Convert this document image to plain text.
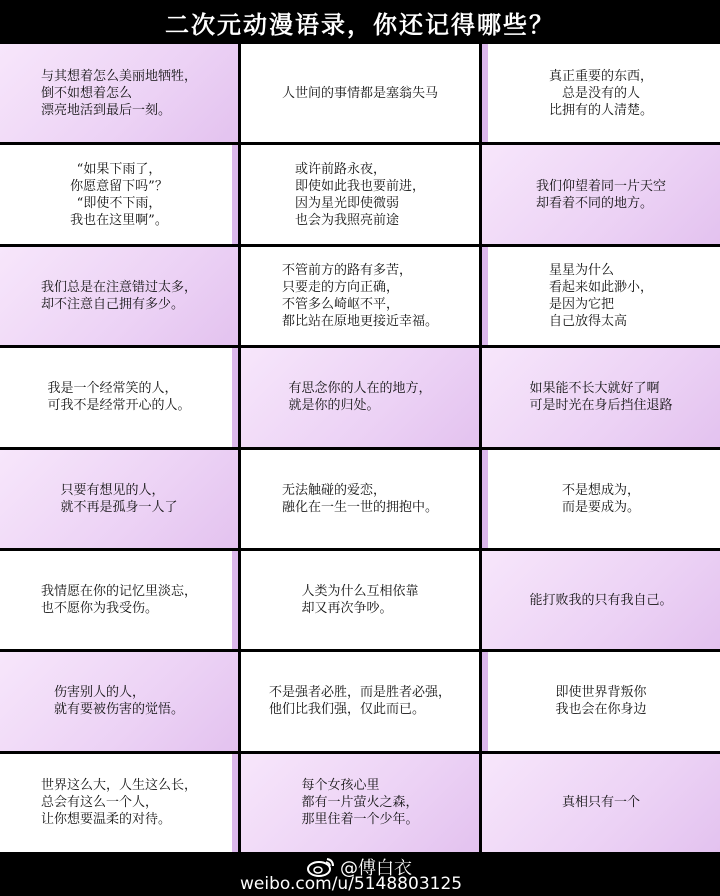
二次元动漫语录，你还记得哪些？
与其想着怎么美丽地牺牲，
倒不如想着怎么
漂亮地活到最后一刻。
人世间的事情都是塞翁失马
真正重要的东西，
总是没有的人
比拥有的人清楚。
“如果下雨了，
你愿意留下吗”？
“即使不下雨，
我也在这里啊”。
或许前路永夜，
即使如此我也要前进，
因为星光即使微弱
也会为我照亮前途
我们仰望着同一片天空
却看着不同的地方。
我们总是在注意错过太多，
却不注意自己拥有多少。
不管前方的路有多苦，
只要走的方向正确，
不管多么崎岖不平，
都比站在原地更接近幸福。
星星为什么
看起来如此渺小，
是因为它把
自己放得太高
我是一个经常笑的人，
可我不是经常开心的人。
有思念你的人在的地方，
就是你的归处。
如果能不长大就好了啊
可是时光在身后挡住退路
只要有想见的人，
就不再是孤身一人了
无法触碰的爱恋，
融化在一生一世的拥抱中。
不是想成为，
而是要成为。
我情愿在你的记忆里淡忘，
也不愿你为我受伤。
人类为什么互相依靠
却又再次争吵。
能打败我的只有我自己。
伤害别人的人，
就有要被伤害的觉悟。
不是强者必胜，而是胜者必强，
他们比我们强，仅此而已。
即使世界背叛你
我也会在你身边
世界这么大，人生这么长，
总会有这么一个人，
让你想要温柔的对待。
每个女孩心里
都有一片萤火之森，
那里住着一个少年。
真相只有一个
@傅白衣
weibo.com/u/5148803125
